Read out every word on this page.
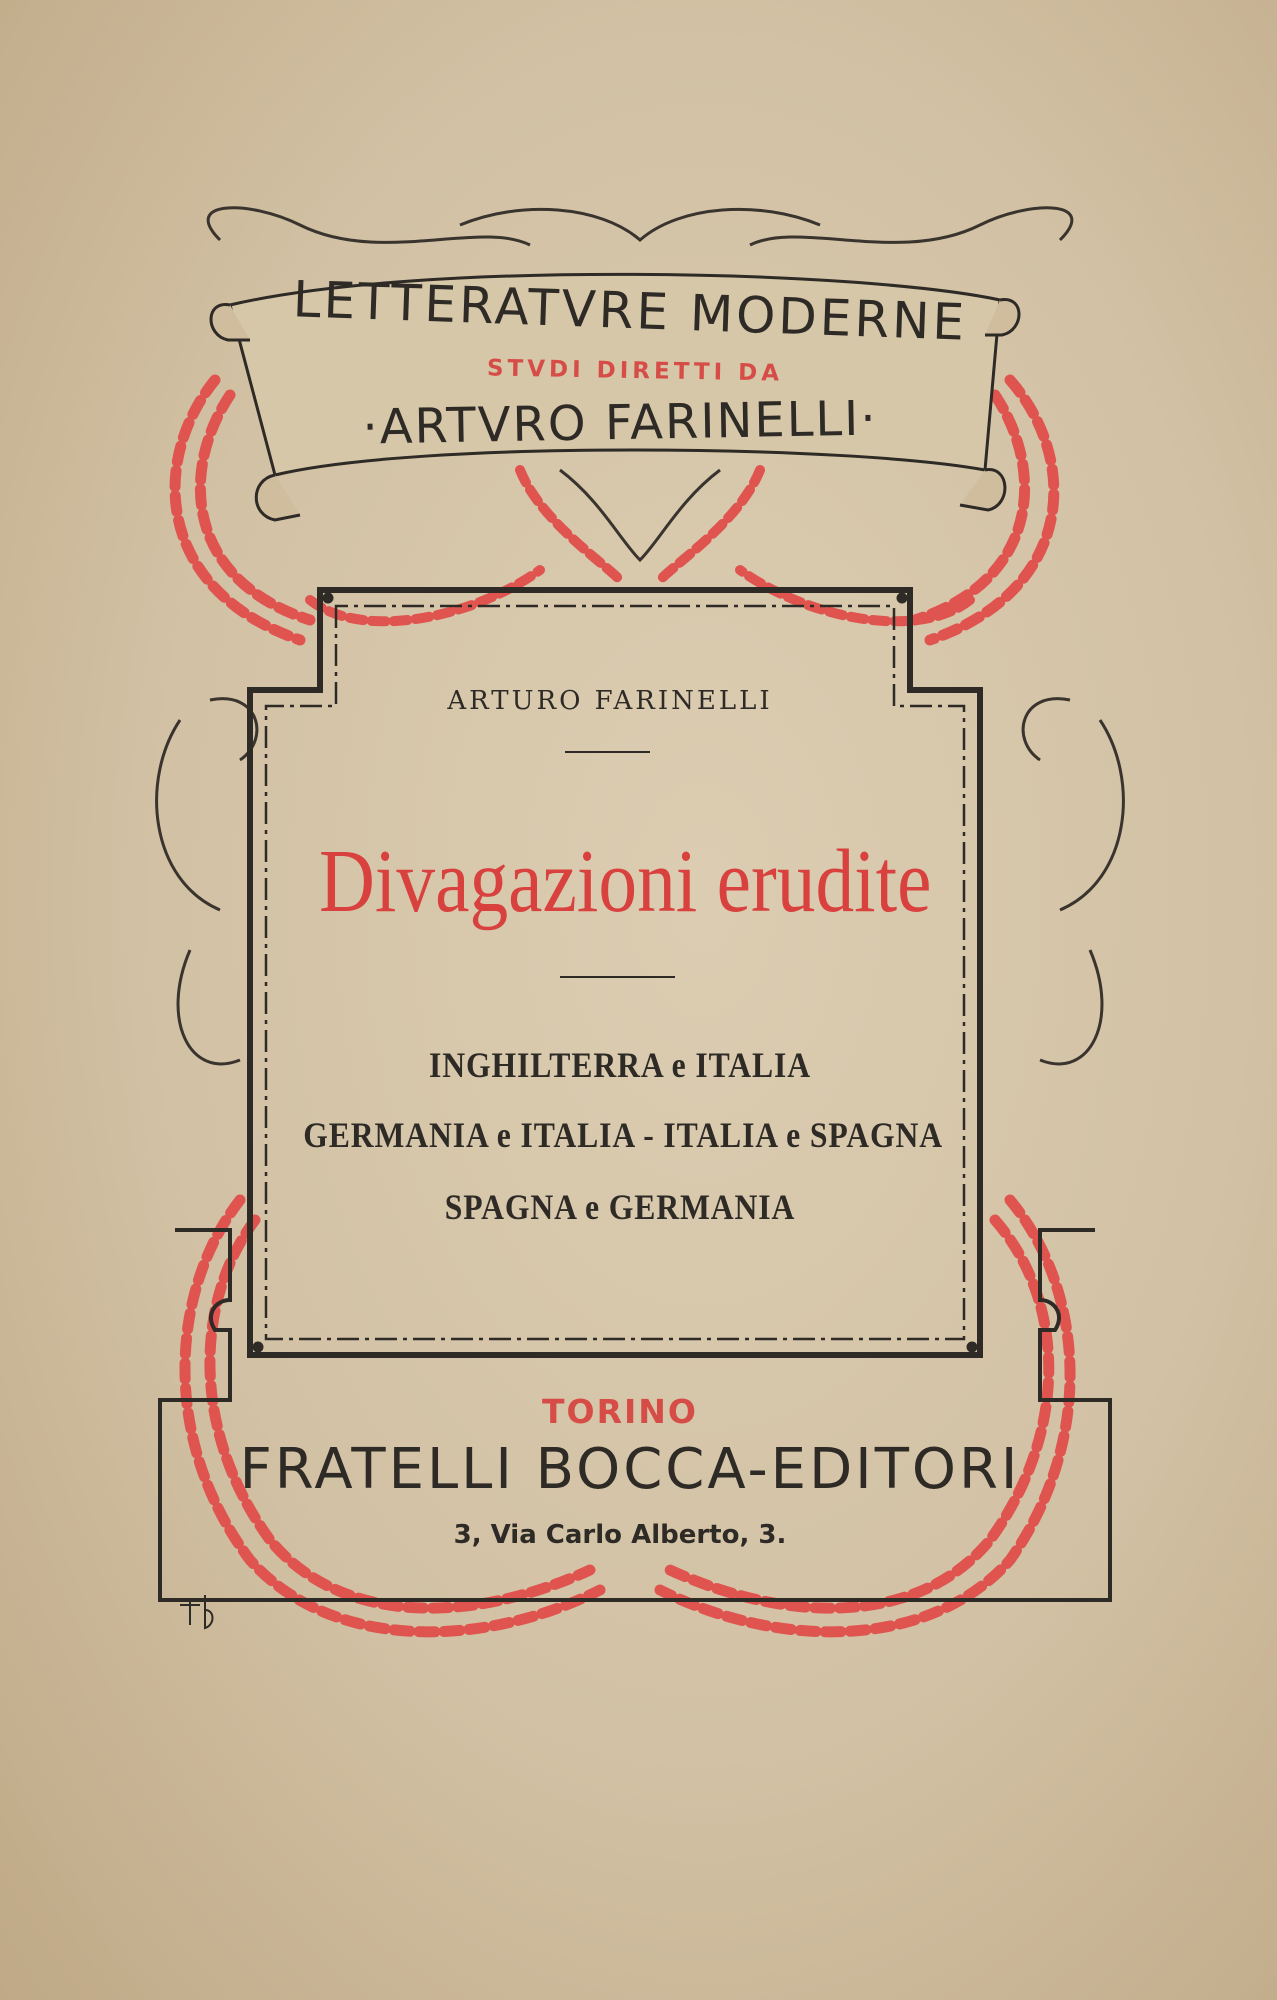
LETTERATVRE MODERNE
STVDI DIRETTI DA
·ARTVRO FARINELLI·
ARTURO FARINELLI
Divagazioni erudite
INGHILTERRA e ITALIA
GERMANIA e ITALIA - ITALIA e SPAGNA
SPAGNA e GERMANIA
TORINO
FRATELLI BOCCA-EDITORI
3, Via Carlo Alberto, 3.
